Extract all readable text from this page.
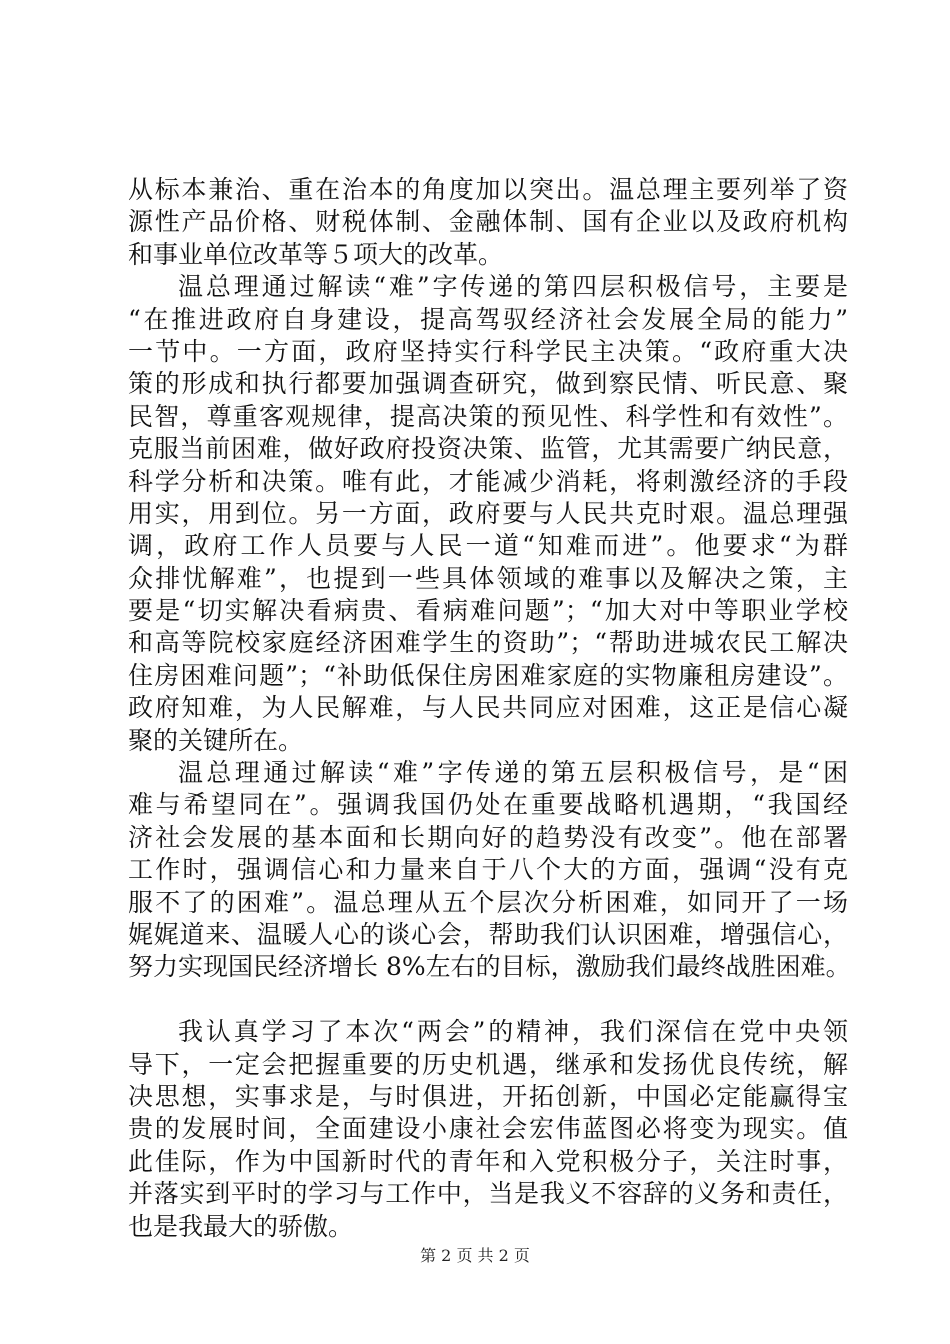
从标本兼治、重在治本的角度加以突出。温总理主要列举了资
源性产品价格、财税体制、金融体制、国有企业以及政府机构
和事业单位改革等５项大的改革。
温总理通过解读“难”字传递的第四层积极信号，主要是
“在推进政府自身建设，提高驾驭经济社会发展全局的能力”
一节中。一方面，政府坚持实行科学民主决策。“政府重大决
策的形成和执行都要加强调查研究，做到察民情、听民意、聚
民智，尊重客观规律，提高决策的预见性、科学性和有效性”。
克服当前困难，做好政府投资决策、监管，尤其需要广纳民意，
科学分析和决策。唯有此，才能减少消耗，将刺激经济的手段
用实，用到位。另一方面，政府要与人民共克时艰。温总理强
调，政府工作人员要与人民一道“知难而进”。他要求“为群
众排忧解难”，也提到一些具体领域的难事以及解决之策，主
要是“切实解决看病贵、看病难问题”；“加大对中等职业学校
和高等院校家庭经济困难学生的资助”；“帮助进城农民工解决
住房困难问题”；“补助低保住房困难家庭的实物廉租房建设”。
政府知难，为人民解难，与人民共同应对困难，这正是信心凝
聚的关键所在。
温总理通过解读“难”字传递的第五层积极信号，是“困
难与希望同在”。强调我国仍处在重要战略机遇期，“我国经
济社会发展的基本面和长期向好的趋势没有改变”。他在部署
工作时，强调信心和力量来自于八个大的方面，强调“没有克
服不了的困难”。温总理从五个层次分析困难，如同开了一场
娓娓道来、温暖人心的谈心会，帮助我们认识困难，增强信心，
努力实现国民经济增长 8%左右的目标，激励我们最终战胜困难。
我认真学习了本次“两会”的精神，我们深信在党中央领
导下，一定会把握重要的历史机遇，继承和发扬优良传统，解
决思想，实事求是，与时俱进，开拓创新，中国必定能赢得宝
贵的发展时间，全面建设小康社会宏伟蓝图必将变为现实。值
此佳际，作为中国新时代的青年和入党积极分子，关注时事，
并落实到平时的学习与工作中，当是我义不容辞的义务和责任，
也是我最大的骄傲。
第 2 页 共 2 页
